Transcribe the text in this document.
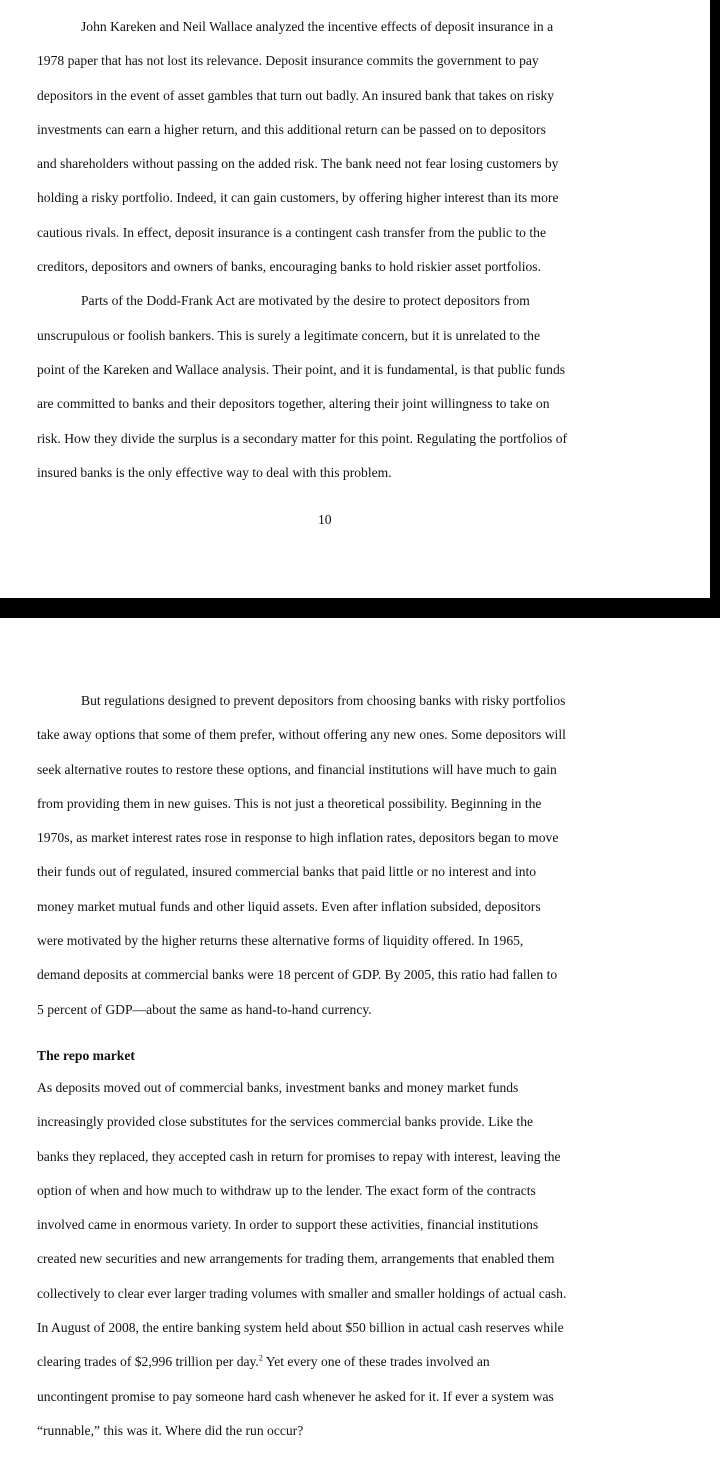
John Kareken and Neil Wallace analyzed the incentive effects of deposit insurance in a
1978 paper that has not lost its relevance. Deposit insurance commits the government to pay
depositors in the event of asset gambles that turn out badly. An insured bank that takes on risky
investments can earn a higher return, and this additional return can be passed on to depositors
and shareholders without passing on the added risk. The bank need not fear losing customers by
holding a risky portfolio. Indeed, it can gain customers, by offering higher interest than its more
cautious rivals. In effect, deposit insurance is a contingent cash transfer from the public to the
creditors, depositors and owners of banks, encouraging banks to hold riskier asset portfolios.

Parts of the Dodd-Frank Act are motivated by the desire to protect depositors from
unscrupulous or foolish bankers. This is surely a legitimate concern, but it is unrelated to the
point of the Kareken and Wallace analysis. Their point, and it is fundamental, is that public funds
are committed to banks and their depositors together, altering their joint willingness to take on
risk. How they divide the surplus is a secondary matter for this point. Regulating the portfolios of
insured banks is the only effective way to deal with this problem.

10

But regulations designed to prevent depositors from choosing banks with risky portfolios
take away options that some of them prefer, without offering any new ones. Some depositors will
seek alternative routes to restore these options, and financial institutions will have much to gain
from providing them in new guises. This is not just a theoretical possibility. Beginning in the
1970s, as market interest rates rose in response to high inflation rates, depositors began to move
their funds out of regulated, insured commercial banks that paid little or no interest and into
money market mutual funds and other liquid assets. Even after inflation subsided, depositors
were motivated by the higher returns these alternative forms of liquidity offered. In 1965,
demand deposits at commercial banks were 18 percent of GDP. By 2005, this ratio had fallen to
5 percent of GDP—about the same as hand-to-hand currency.

The repo market

As deposits moved out of commercial banks, investment banks and money market funds
increasingly provided close substitutes for the services commercial banks provide. Like the
banks they replaced, they accepted cash in return for promises to repay with interest, leaving the
option of when and how much to withdraw up to the lender. The exact form of the contracts
involved came in enormous variety. In order to support these activities, financial institutions
created new securities and new arrangements for trading them, arrangements that enabled them
collectively to clear ever larger trading volumes with smaller and smaller holdings of actual cash.
In August of 2008, the entire banking system held about $50 billion in actual cash reserves while
clearing trades of $2,996 trillion per day.$^2$ Yet every one of these trades involved an
uncontingent promise to pay someone hard cash whenever he asked for it. If ever a system was
“runnable,” this was it. Where did the run occur?
